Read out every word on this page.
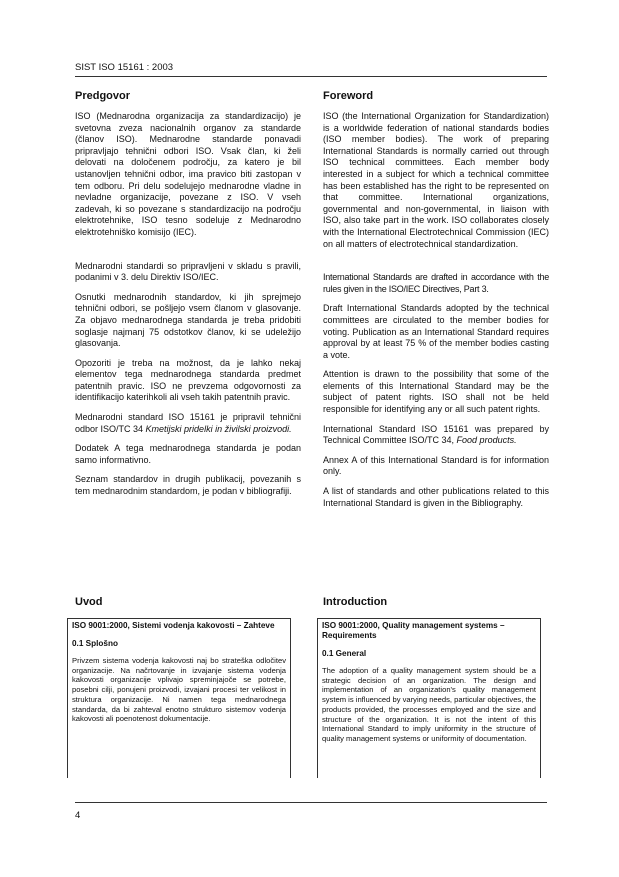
SIST ISO 15161 : 2003
Predgovor

ISO (Mednarodna organizacija za standardizacijo) je svetovna zveza nacionalnih organov za standarde (članov ISO). Mednarodne standarde ponavadi pripravljajo tehnični odbori ISO. Vsak član, ki želi delovati na določenem področju, za katero je bil ustanovljen tehnični odbor, ima pravico biti zastopan v tem odboru. Pri delu sodelujejo mednarodne vladne in nevladne organizacije, povezane z ISO. V vseh zadevah, ki so povezane s standardizacijo na področju elektrotehnike, ISO tesno sodeluje z Mednarodno elektrotehniško komisijo (IEC).

Mednarodni standardi so pripravljeni v skladu s pravili, podanimi v 3. delu Direktiv ISO/IEC.

Osnutki mednarodnih standardov, ki jih sprejmejo tehnični odbori, se pošljejo vsem članom v glasovanje. Za objavo mednarodnega standarda je treba pridobiti soglasje najmanj 75 odstotkov članov, ki se udeležijo glasovanja.

Opozoriti je treba na možnost, da je lahko nekaj elementov tega mednarodnega standarda predmet patentnih pravic. ISO ne prevzema odgovornosti za identifikacijo katerihkoli ali vseh takih patentnih pravic.

Mednarodni standard ISO 15161 je pripravil tehnični odbor ISO/TC 34 Kmetijski pridelki in živilski proizvodi.

Dodatek A tega mednarodnega standarda je podan samo informativno.

Seznam standardov in drugih publikacij, povezanih s tem mednarodnim standardom, je podan v bibliografiji.

Foreword

ISO (the International Organization for Standardization) is a worldwide federation of national standards bodies (ISO member bodies). The work of preparing International Standards is normally carried out through ISO technical committees. Each member body interested in a subject for which a technical committee has been established has the right to be represented on that committee. International organizations, governmental and non-governmental, in liaison with ISO, also take part in the work. ISO collaborates closely with the International Electrotechnical Commission (IEC) on all matters of electrotechnical standardization.

International Standards are drafted in accordance with the rules given in the ISO/IEC Directives, Part 3.

Draft International Standards adopted by the technical committees are circulated to the member bodies for voting. Publication as an International Standard requires approval by at least 75 % of the member bodies casting a vote.

Attention is drawn to the possibility that some of the elements of this International Standard may be the subject of patent rights. ISO shall not be held responsible for identifying any or all such patent rights.

International Standard ISO 15161 was prepared by Technical Committee ISO/TC 34, Food products.

Annex A of this International Standard is for information only.

A list of standards and other publications related to this International Standard is given in the Bibliography.

Uvod	Introduction
ISO 9001:2000, Sistemi vodenja kakovosti – Zahteve
0.1 Splošno

Privzem sistema vodenja kakovosti naj bo strateška odločitev organizacije. Na načrtovanje in izvajanje sistema vodenja kakovosti organizacije vplivajo spreminjajoče se potrebe, posebni cilji, ponujeni proizvodi, izvajani procesi ter velikost in struktura organizacije. Ni namen tega mednarodnega standarda, da bi zahteval enotno strukturo sistemov vodenja kakovosti ali poenotenost dokumentacije.

ISO 9001:2000, Quality management systems – Requirements
0.1 General

The adoption of a quality management system should be a strategic decision of an organization. The design and implementation of an organization's quality management system is influenced by varying needs, particular objectives, the products provided, the processes employed and the size and structure of the organization. It is not the intent of this International Standard to imply uniformity in the structure of quality management systems or uniformity of documentation.

4
